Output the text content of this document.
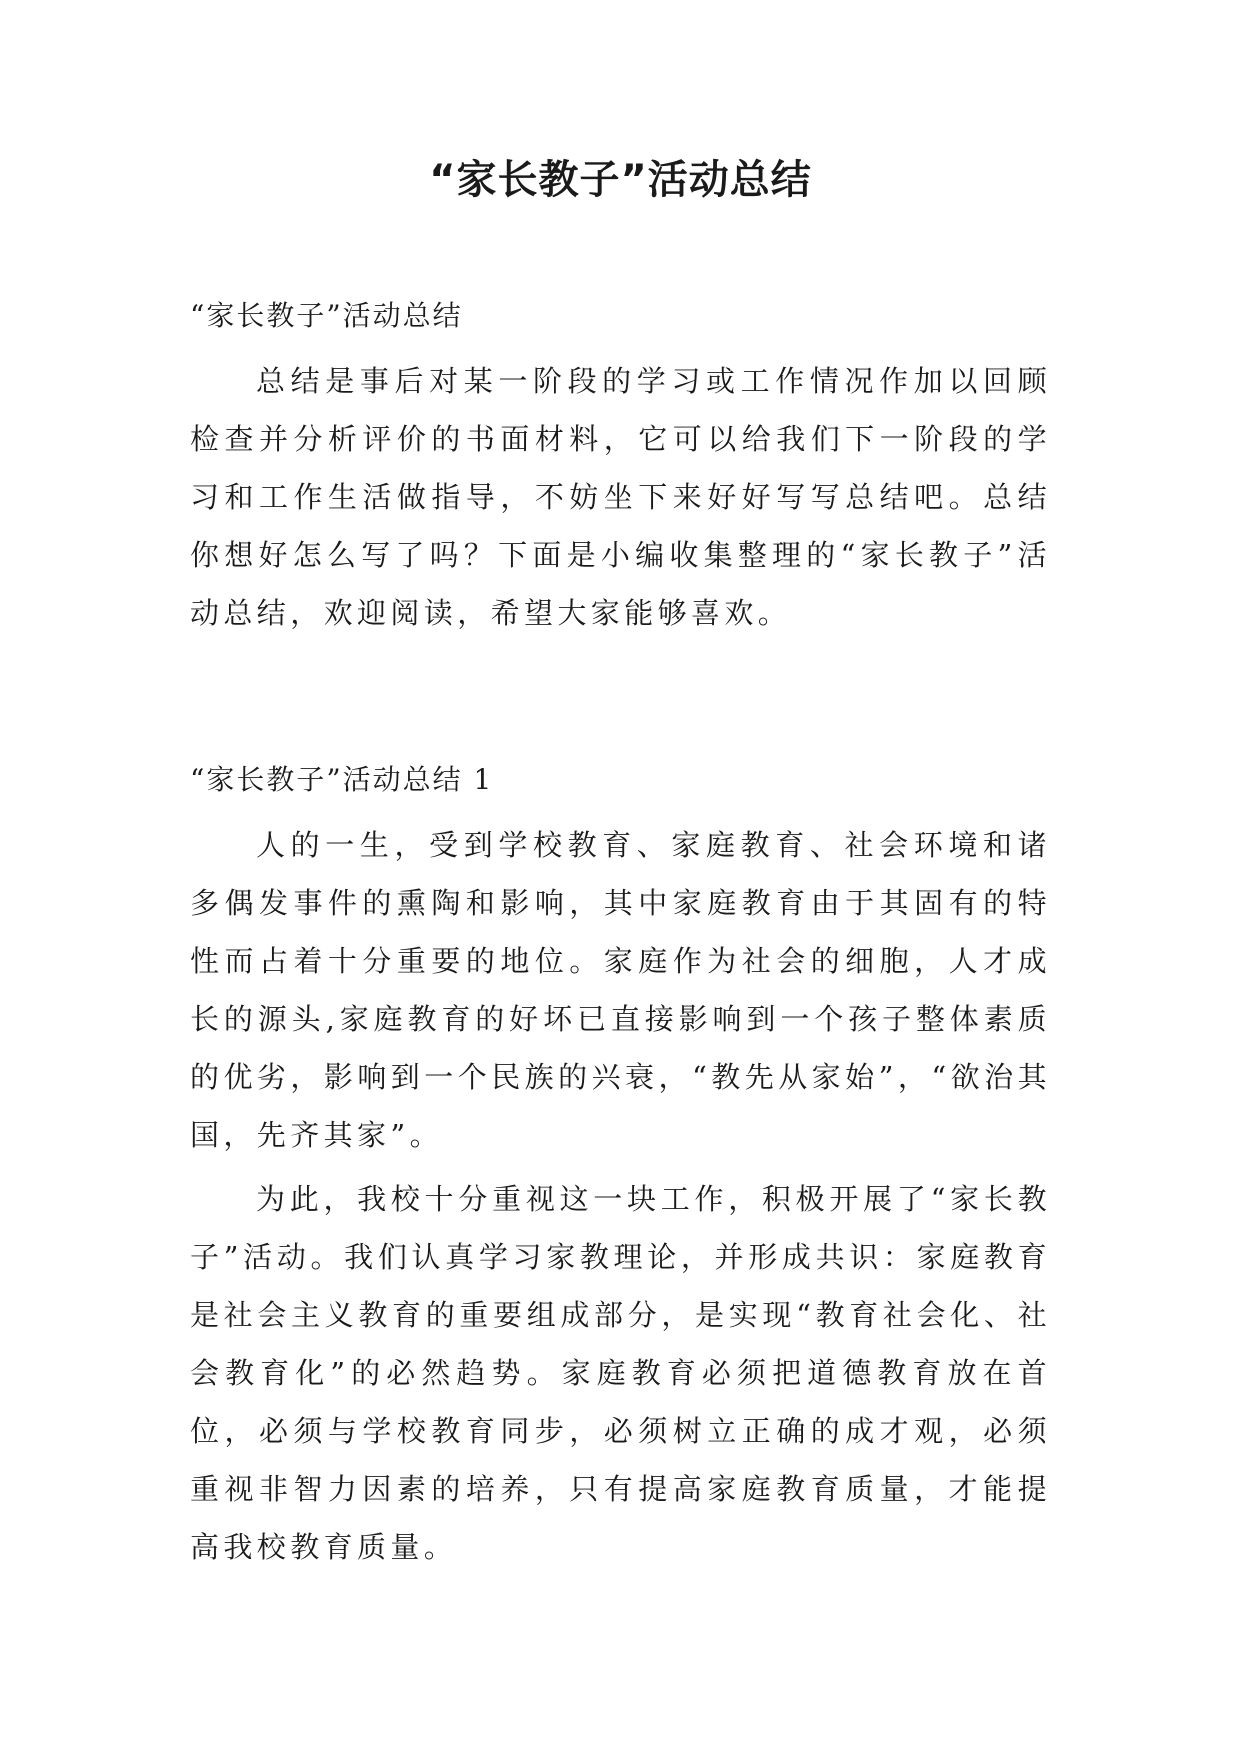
“家长教子”活动总结
“家长教子”活动总结

总结是事后对某一阶段的学习或工作情况作加以回顾检查并分析评价的书面材料，它可以给我们下一阶段的学习和工作生活做指导，不妨坐下来好好写写总结吧。总结你想好怎么写了吗？下面是小编收集整理的“家长教子”活动总结，欢迎阅读，希望大家能够喜欢。

“家长教子”活动总结 1

人的一生，受到学校教育、家庭教育、社会环境和诸多偶发事件的熏陶和影响，其中家庭教育由于其固有的特性而占着十分重要的地位。家庭作为社会的细胞，人才成长的源头,家庭教育的好坏已直接影响到一个孩子整体素质的优劣，影响到一个民族的兴衰，“教先从家始”，“欲治其国，先齐其家”。

为此，我校十分重视这一块工作，积极开展了“家长教子”活动。我们认真学习家教理论，并形成共识：家庭教育是社会主义教育的重要组成部分，是实现“教育社会化、社会教育化”的必然趋势。家庭教育必须把道德教育放在首位，必须与学校教育同步，必须树立正确的成才观，必须重视非智力因素的培养，只有提高家庭教育质量，才能提高我校教育质量。
